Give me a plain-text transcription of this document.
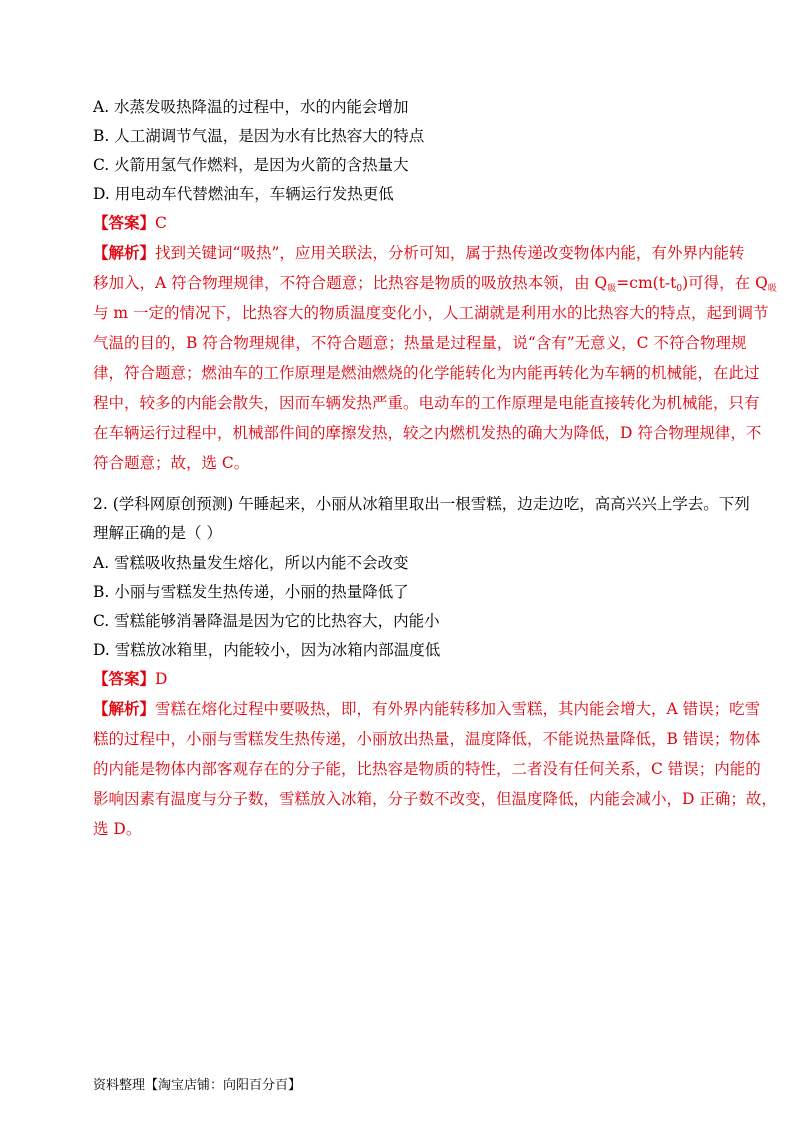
A. 水蒸发吸热降温的过程中，水的内能会增加
B. 人工湖调节气温，是因为水有比热容大的特点
C. 火箭用氢气作燃料，是因为火箭的含热量大
D. 用电动车代替燃油车，车辆运行发热更低
【答案】C
【解析】找到关键词“吸热”，应用关联法，分析可知，属于热传递改变物体内能，有外界内能转
移加入，A 符合物理规律，不符合题意；比热容是物质的吸放热本领，由 $Q_吸=cm(t-t_0)$可得，在 $Q_吸$
与 m 一定的情况下，比热容大的物质温度变化小，人工湖就是利用水的比热容大的特点，起到调节
气温的目的，B 符合物理规律，不符合题意；热量是过程量，说“含有”无意义，C 不符合物理规
律，符合题意；燃油车的工作原理是燃油燃烧的化学能转化为内能再转化为车辆的机械能，在此过
程中，较多的内能会散失，因而车辆发热严重。电动车的工作原理是电能直接转化为机械能，只有
在车辆运行过程中，机械部件间的摩擦发热，较之内燃机发热的确大为降低，D 符合物理规律，不
符合题意；故，选 C。
2. (学科网原创预测) 午睡起来，小丽从冰箱里取出一根雪糕，边走边吃，高高兴兴上学去。下列
理解正确的是（ ）
A. 雪糕吸收热量发生熔化，所以内能不会改变
B. 小丽与雪糕发生热传递，小丽的热量降低了
C. 雪糕能够消暑降温是因为它的比热容大，内能小
D. 雪糕放冰箱里，内能较小，因为冰箱内部温度低
【答案】D
【解析】雪糕在熔化过程中要吸热，即，有外界内能转移加入雪糕，其内能会增大，A 错误；吃雪
糕的过程中，小丽与雪糕发生热传递，小丽放出热量，温度降低，不能说热量降低，B 错误；物体
的内能是物体内部客观存在的分子能，比热容是物质的特性，二者没有任何关系，C 错误；内能的
影响因素有温度与分子数，雪糕放入冰箱，分子数不改变，但温度降低，内能会减小，D 正确；故，
选 D。
资料整理【淘宝店铺：向阳百分百】
